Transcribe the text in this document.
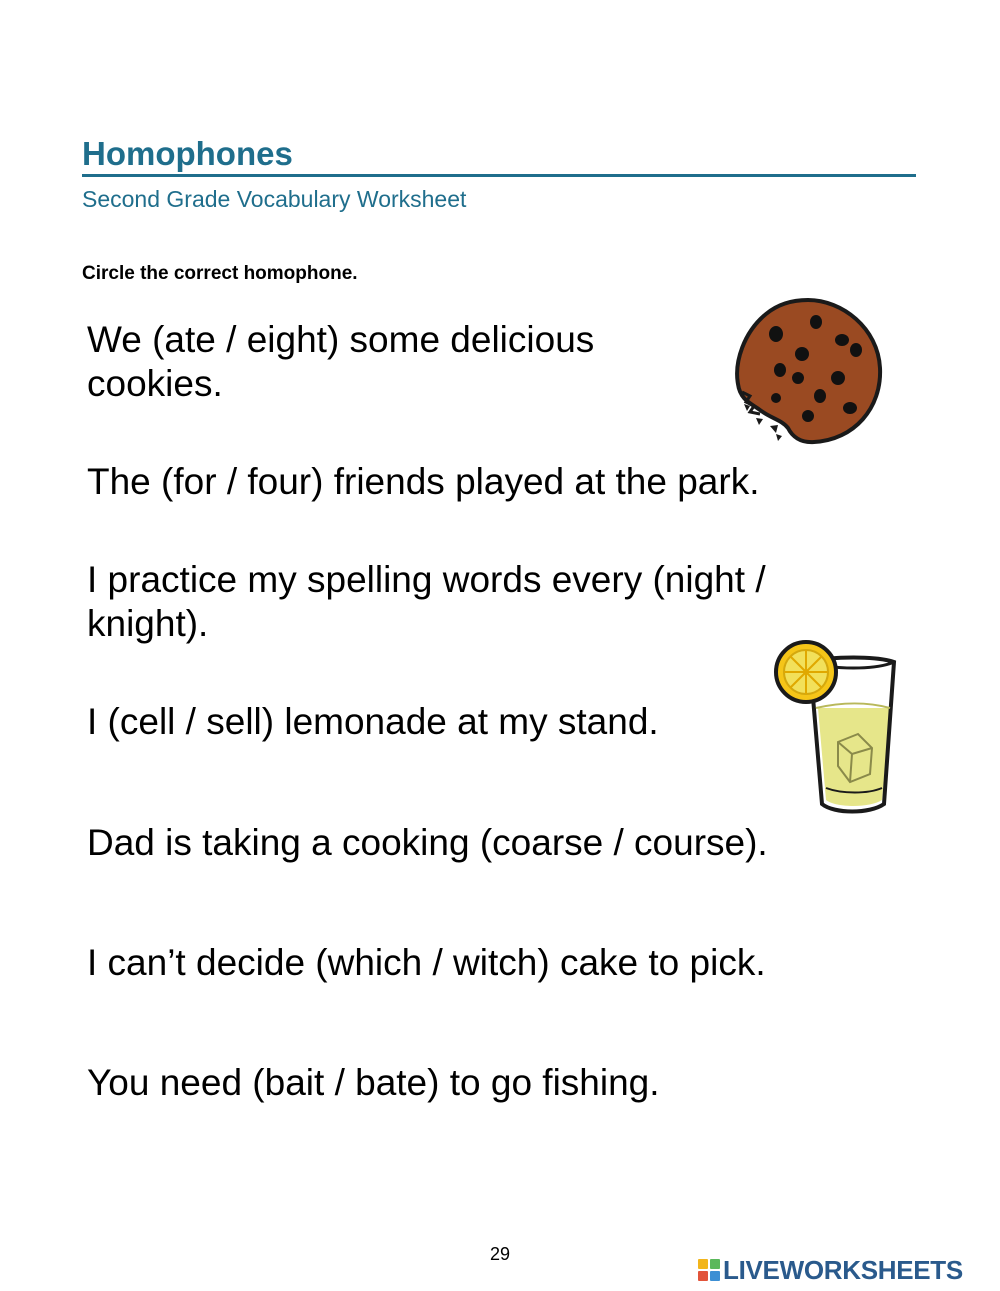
Homophones
Second Grade Vocabulary Worksheet
Circle the correct homophone.
We (ate / eight) some delicious
cookies.
The (for / four) friends played at the park.
I practice my spelling words every (night /
knight).
I (cell / sell) lemonade at my stand.
Dad is taking a cooking (coarse / course).
I can’t decide (which / witch) cake to pick.
You need (bait / bate) to go fishing.
29
LIVEWORKSHEETS
